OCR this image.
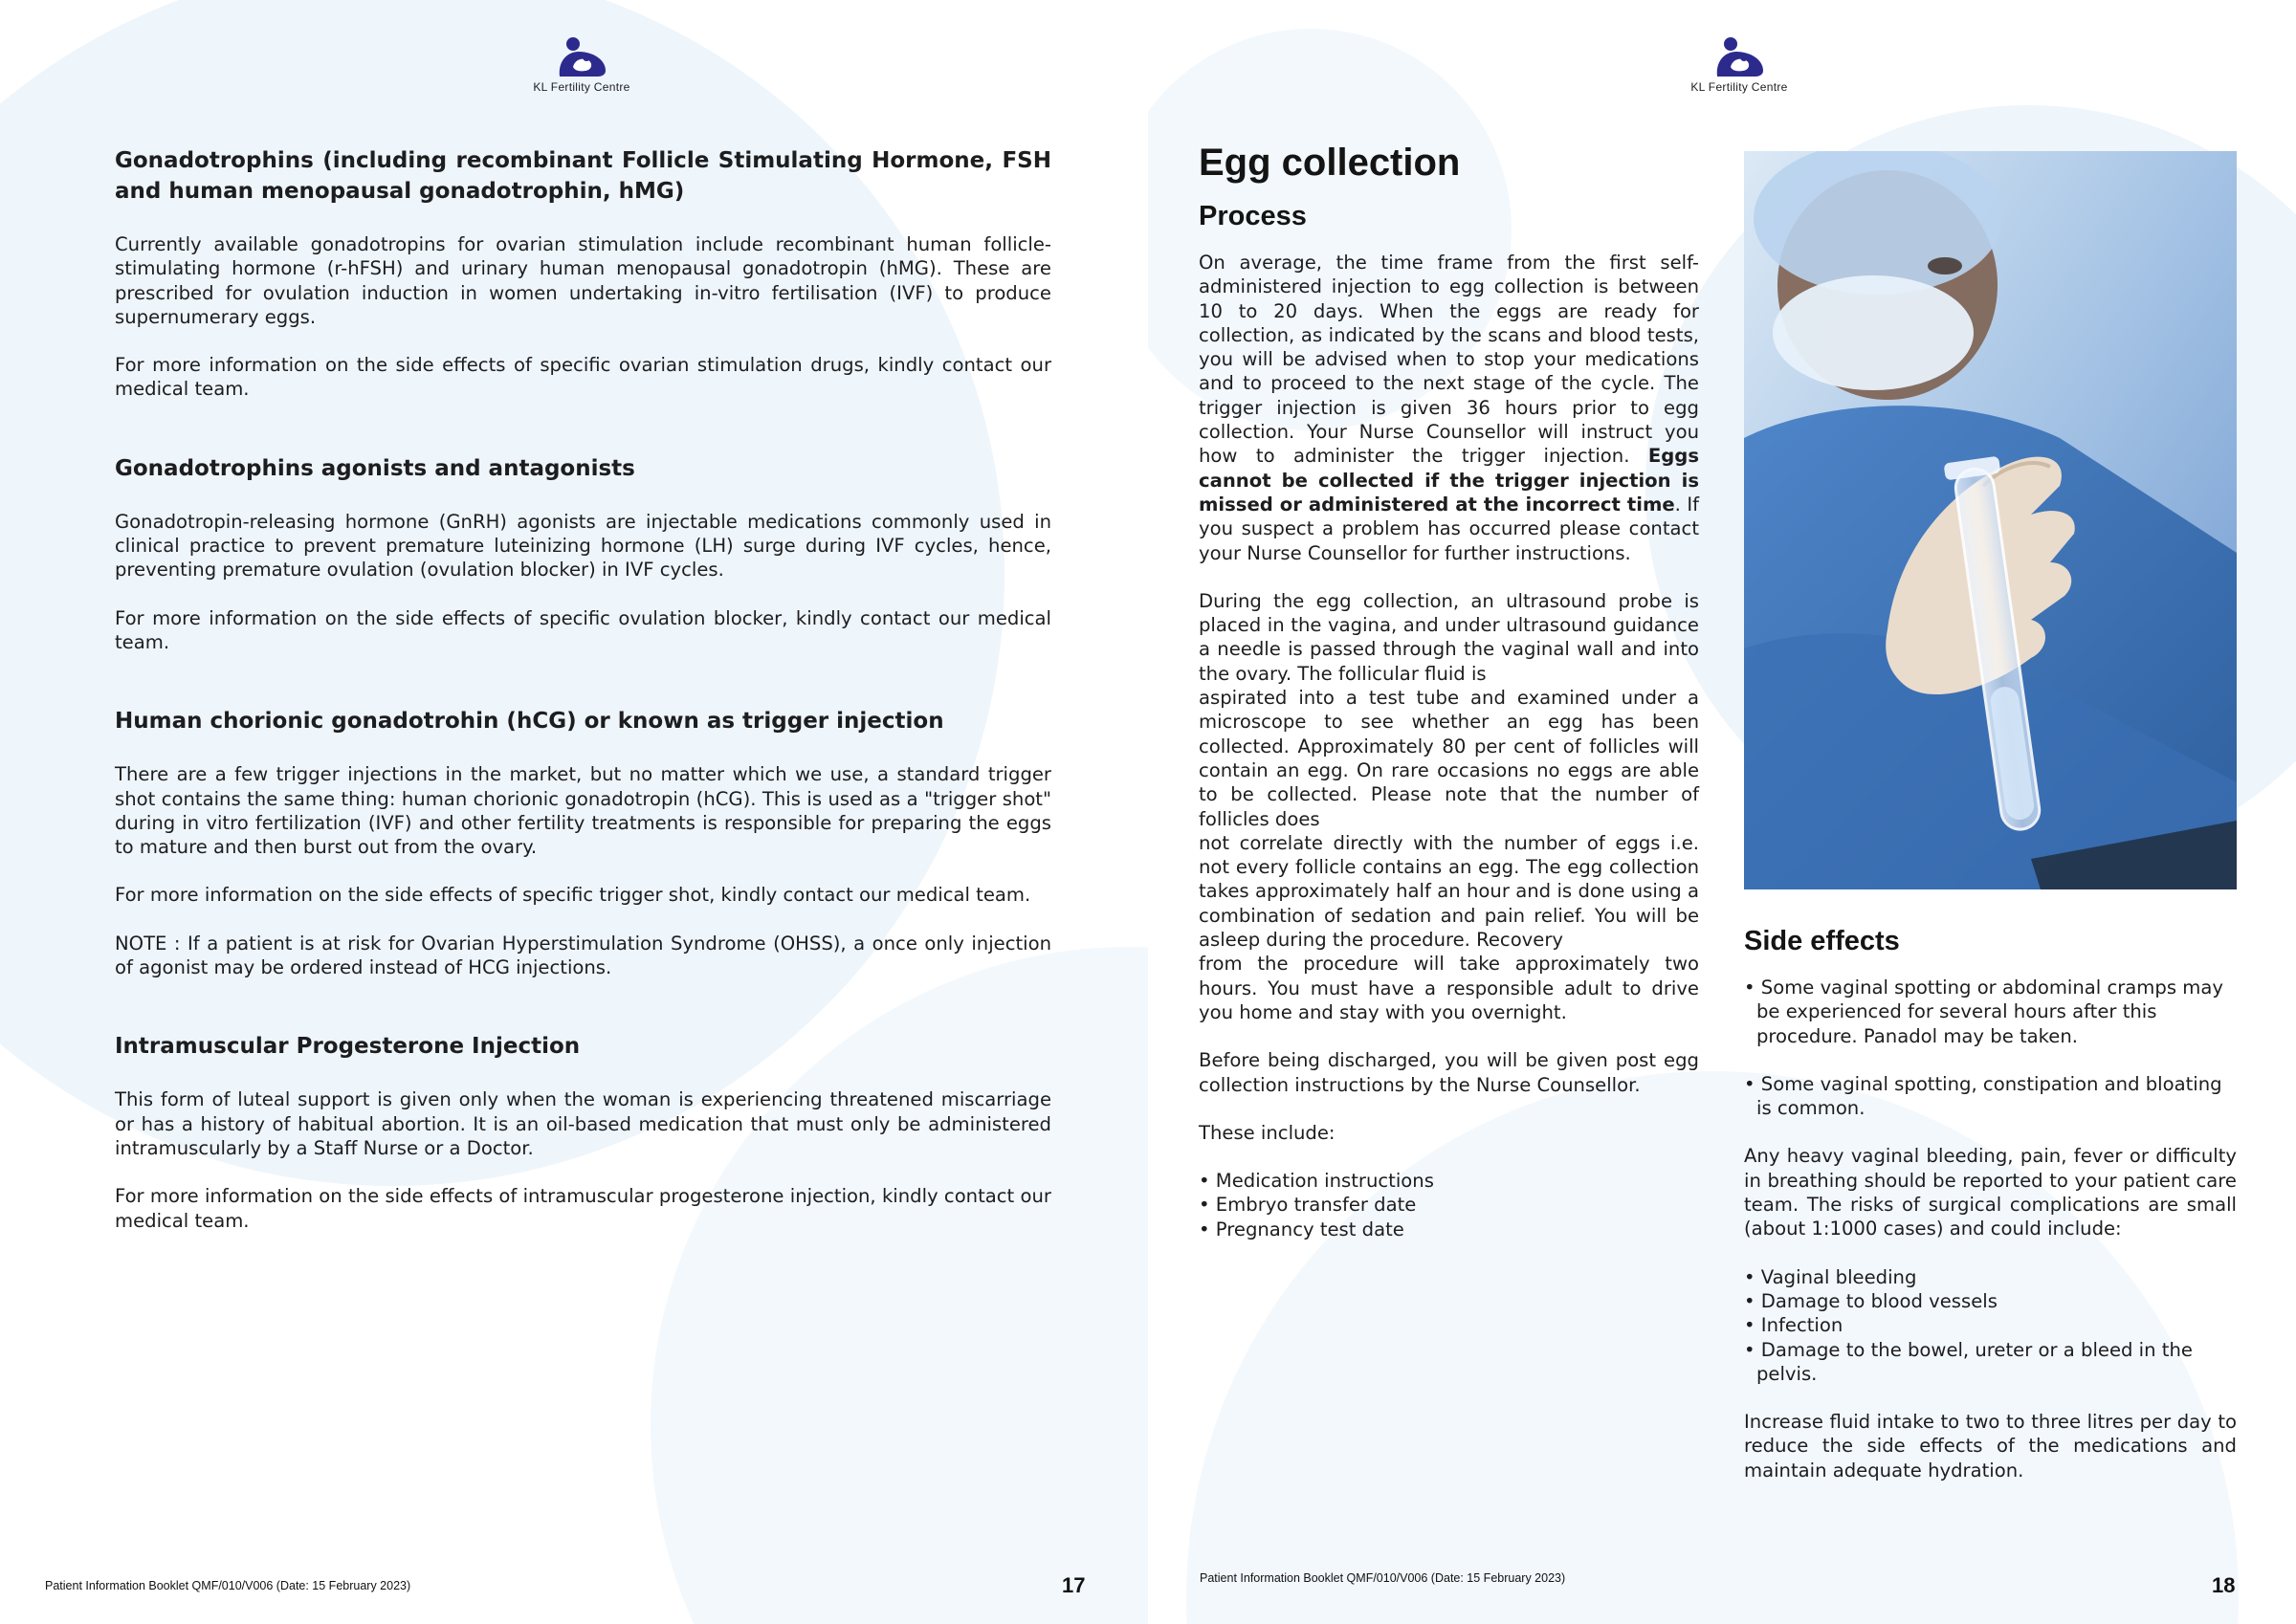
KL Fertility Centre
Gonadotrophins (including recombinant Follicle Stimulating Hormone, FSH and human menopausal gonadotrophin, hMG)

Currently available gonadotropins for ovarian stimulation include recombinant human follicle-stimulating hormone (r-hFSH) and urinary human menopausal gonadotropin (hMG). These are prescribed for ovulation induction in women undertaking in-vitro fertilisation (IVF) to produce supernumerary eggs.

For more information on the side effects of specific ovarian stimulation drugs, kindly contact our medical team.

Gonadotrophins agonists and antagonists

Gonadotropin-releasing hormone (GnRH) agonists are injectable medications commonly used in clinical practice to prevent premature luteinizing hormone (LH) surge during IVF cycles, hence, preventing premature ovulation (ovulation blocker) in IVF cycles.

For more information on the side effects of specific ovulation blocker, kindly contact our medical team.

Human chorionic gonadotrohin (hCG) or known as trigger injection

There are a few trigger injections in the market, but no matter which we use, a standard trigger shot contains the same thing: human chorionic gonadotropin (hCG). This is used as a "trigger shot" during in vitro fertilization (IVF) and other fertility treatments is responsible for preparing the eggs to mature and then burst out from the ovary.

For more information on the side effects of specific trigger shot, kindly contact our medical team.

NOTE : If a patient is at risk for Ovarian Hyperstimulation Syndrome (OHSS), a once only injection of agonist may be ordered instead of HCG injections.

Intramuscular Progesterone Injection

This form of luteal support is given only when the woman is experiencing threatened miscarriage or has a history of habitual abortion. It is an oil-based medication that must only be administered intramuscularly by a Staff Nurse or a Doctor.

For more information on the side effects of intramuscular progesterone injection, kindly contact our medical team.

Patient Information Booklet QMF/010/V006 (Date: 15 February 2023)	17
KL Fertility Centre
Egg collection
Process

On average, the time frame from the first self-administered injection to egg collection is between 10 to 20 days. When the eggs are ready for collection, as indicated by the scans and blood tests, you will be advised when to stop your medications and to proceed to the next stage of the cycle. The trigger injection is given 36 hours prior to egg collection. Your Nurse Counsellor will instruct you how to administer the trigger injection. Eggs cannot be collected if the trigger injection is missed or administered at the incorrect time. If you suspect a problem has occurred please contact your Nurse Counsellor for further instructions.

During the egg collection, an ultrasound probe is placed in the vagina, and under ultrasound guidance a needle is passed through the vaginal wall and into the ovary. The follicular fluid is

aspirated into a test tube and examined under a microscope to see whether an egg has been collected. Approximately 80 per cent of follicles will contain an egg. On rare occasions no eggs are able to be collected. Please note that the number of follicles does

not correlate directly with the number of eggs i.e. not every follicle contains an egg. The egg collection takes approximately half an hour and is done using a combination of sedation and pain relief. You will be asleep during the procedure. Recovery

from the procedure will take approximately two hours. You must have a responsible adult to drive you home and stay with you overnight.

Before being discharged, you will be given post egg collection instructions by the Nurse Counsellor.

These include:

• Medication instructions
• Embryo transfer date
• Pregnancy test date
Side effects
• Some vaginal spotting or abdominal cramps may be experienced for several hours after this procedure. Panadol may be taken.
• Some vaginal spotting, constipation and bloating is common.

Any heavy vaginal bleeding, pain, fever or difficulty in breathing should be reported to your patient care team. The risks of surgical complications are small (about 1:1000 cases) and could include:

• Vaginal bleeding
• Damage to blood vessels
• Infection
• Damage to the bowel, ureter or a bleed in the pelvis.

Increase fluid intake to two to three litres per day to reduce the side effects of the medications and maintain adequate hydration.

Patient Information Booklet QMF/010/V006 (Date: 15 February 2023)	18
